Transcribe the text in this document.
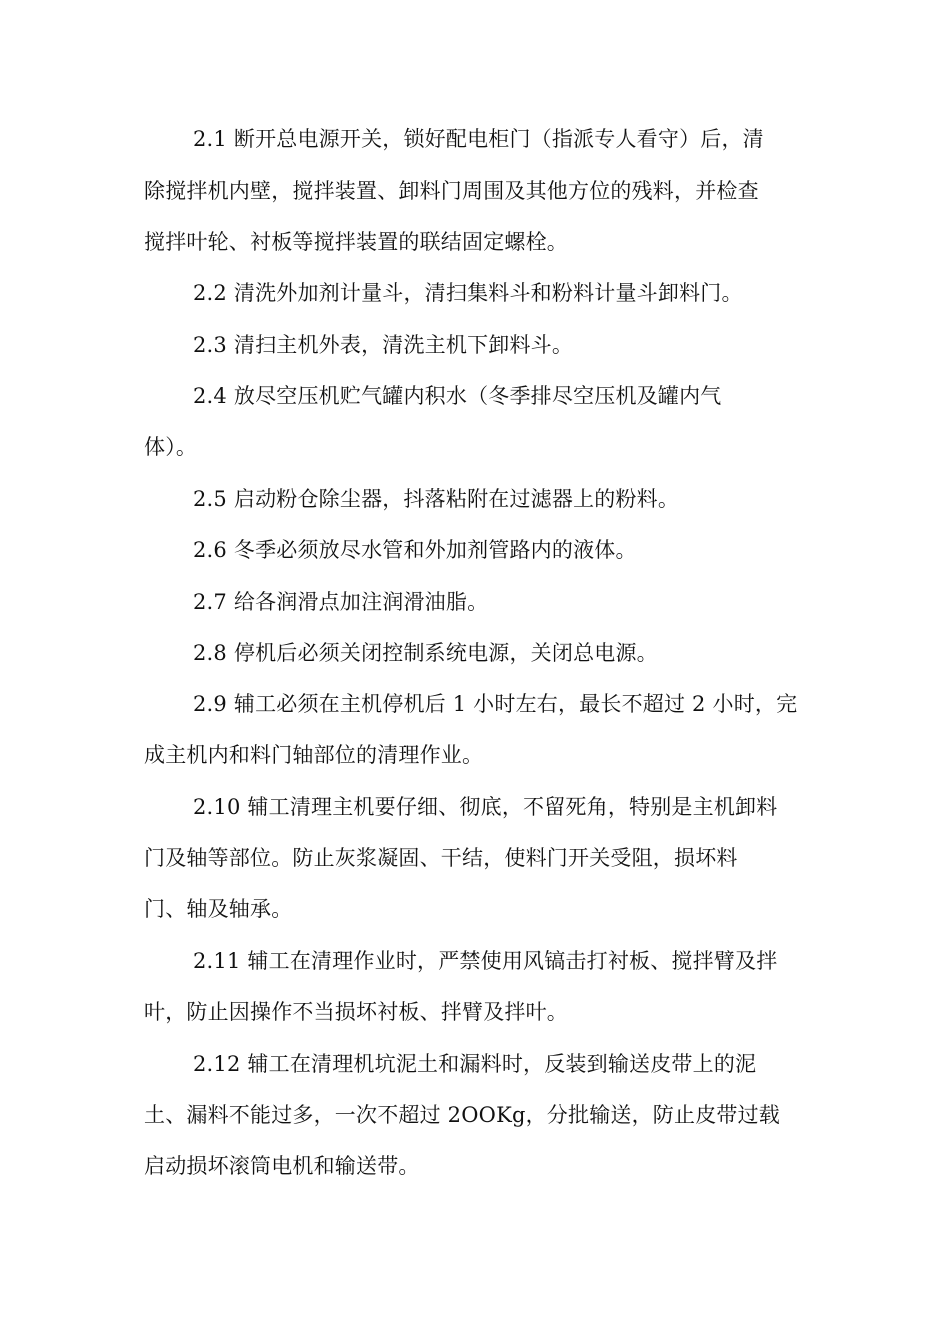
2.1 断开总电源开关，锁好配电柜门（指派专人看守）后，清
除搅拌机内壁，搅拌装置、卸料门周围及其他方位的残料，并检查
搅拌叶轮、衬板等搅拌装置的联结固定螺栓。
2.2 清洗外加剂计量斗，清扫集料斗和粉料计量斗卸料门。
2.3 清扫主机外表，清洗主机下卸料斗。
2.4 放尽空压机贮气罐内积水（冬季排尽空压机及罐内气
体）。
2.5 启动粉仓除尘器，抖落粘附在过滤器上的粉料。
2.6 冬季必须放尽水管和外加剂管路内的液体。
2.7 给各润滑点加注润滑油脂。
2.8 停机后必须关闭控制系统电源，关闭总电源。
2.9 辅工必须在主机停机后 1 小时左右，最长不超过 2 小时，完
成主机内和料门轴部位的清理作业。
2.10 辅工清理主机要仔细、彻底，不留死角，特别是主机卸料
门及轴等部位。防止灰浆凝固、干结，使料门开关受阻，损坏料
门、轴及轴承。
2.11 辅工在清理作业时，严禁使用风镐击打衬板、搅拌臂及拌
叶，防止因操作不当损坏衬板、拌臂及拌叶。
2.12 辅工在清理机坑泥土和漏料时，反装到输送皮带上的泥
土、漏料不能过多，一次不超过 2OOKg，分批输送，防止皮带过载
启动损坏滚筒电机和输送带。
